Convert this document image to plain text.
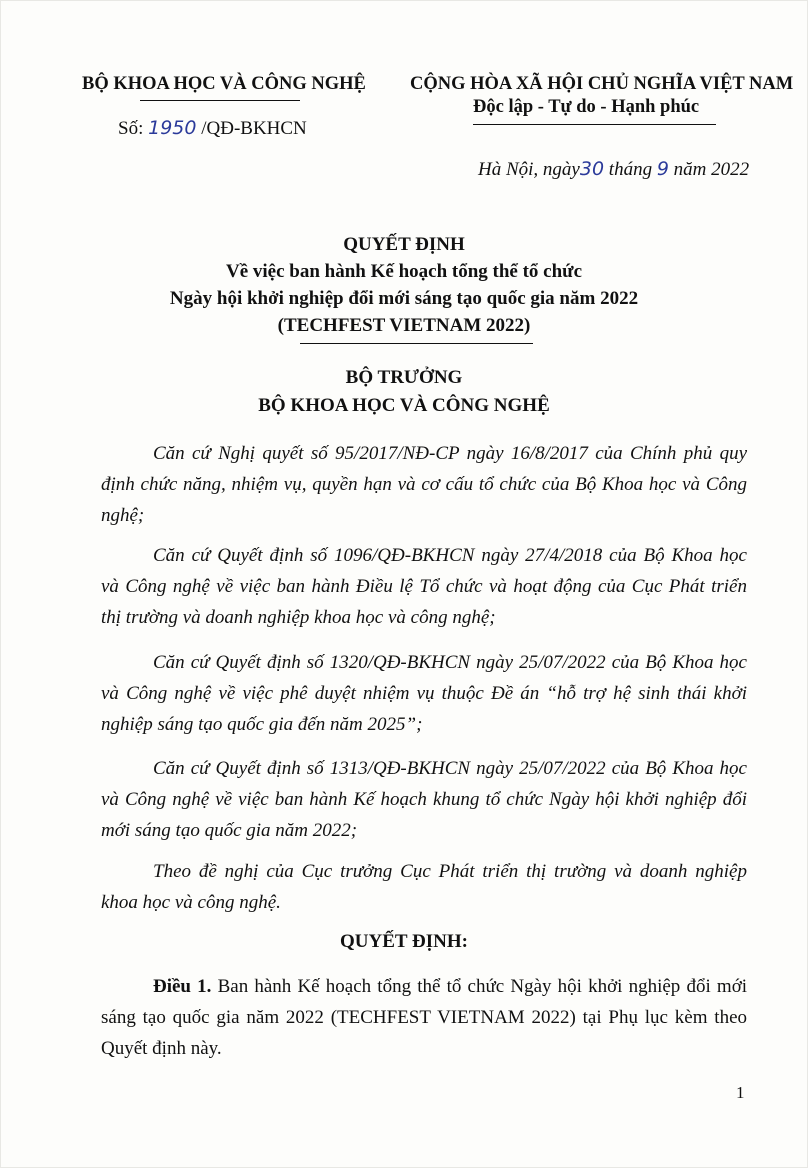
BỘ KHOA HỌC VÀ CÔNG NGHỆ
Số: 1950 /QĐ-BKHCN
CỘNG HÒA XÃ HỘI CHỦ NGHĨA VIỆT NAM
Độc lập - Tự do - Hạnh phúc
Hà Nội, ngày30 tháng 9 năm 2022
QUYẾT ĐỊNH
Về việc ban hành Kế hoạch tổng thể tổ chức
Ngày hội khởi nghiệp đổi mới sáng tạo quốc gia năm 2022
(TECHFEST VIETNAM 2022)
BỘ TRƯỞNG
BỘ KHOA HỌC VÀ CÔNG NGHỆ
Căn cứ Nghị quyết số 95/2017/NĐ-CP ngày 16/8/2017 của Chính phủ quy
định chức năng, nhiệm vụ, quyền hạn và cơ cấu tổ chức của Bộ Khoa học và Công
nghệ;
Căn cứ Quyết định số 1096/QĐ-BKHCN ngày 27/4/2018 của Bộ Khoa học
và Công nghệ về việc ban hành Điều lệ Tổ chức và hoạt động của Cục Phát triển
thị trường và doanh nghiệp khoa học và công nghệ;
Căn cứ Quyết định số 1320/QĐ-BKHCN ngày 25/07/2022 của Bộ Khoa học
và Công nghệ về việc phê duyệt nhiệm vụ thuộc Đề án “hỗ trợ hệ sinh thái khởi
nghiệp sáng tạo quốc gia đến năm 2025”;
Căn cứ Quyết định số 1313/QĐ-BKHCN ngày 25/07/2022 của Bộ Khoa học
và Công nghệ về việc ban hành Kế hoạch khung tổ chức Ngày hội khởi nghiệp đổi
mới sáng tạo quốc gia năm 2022;
Theo đề nghị của Cục trưởng Cục Phát triển thị trường và doanh nghiệp
khoa học và công nghệ.
QUYẾT ĐỊNH:
Điều 1. Ban hành Kế hoạch tổng thể tổ chức Ngày hội khởi nghiệp đổi mới
sáng tạo quốc gia năm 2022 (TECHFEST VIETNAM 2022) tại Phụ lục kèm theo
Quyết định này.
1
